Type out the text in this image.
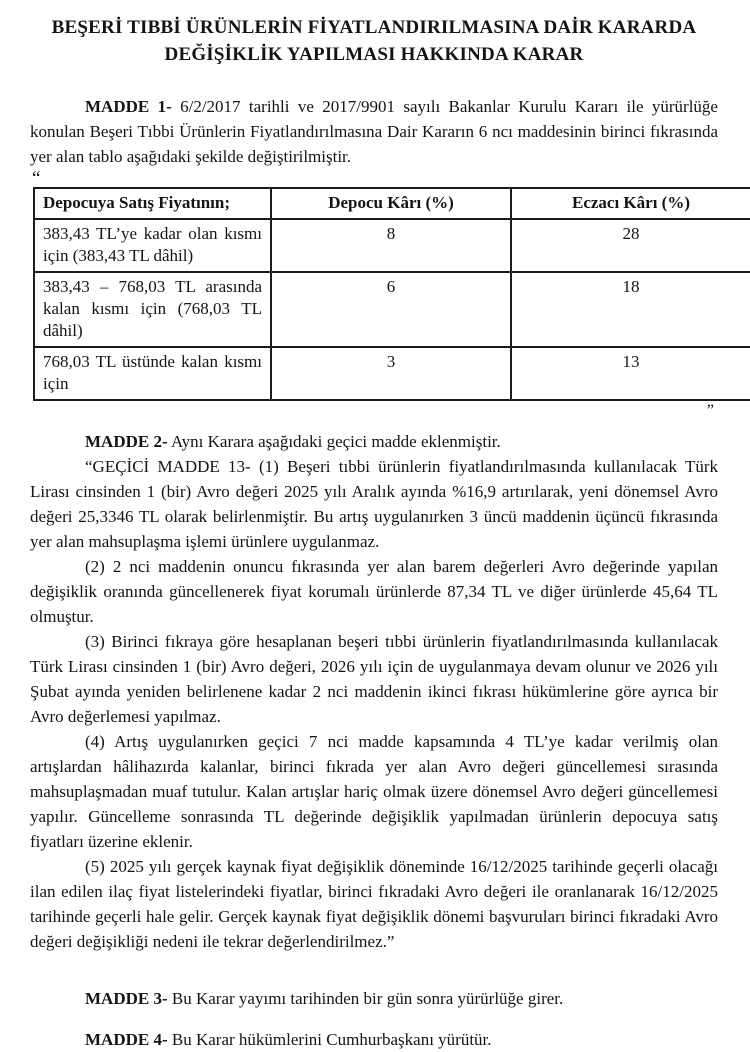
BEŞERİ TIBBİ ÜRÜNLERİN FİYATLANDIRILMASINA DAİR KARARDA
DEĞİŞİKLİK YAPILMASI HAKKINDA KARAR

MADDE 1- 6/2/2017 tarihli ve 2017/9901 sayılı Bakanlar Kurulu Kararı ile yürürlüğe konulan Beşeri Tıbbi Ürünlerin Fiyatlandırılmasına Dair Kararın 6 ncı maddesinin birinci fıkrasında yer alan tablo aşağıdaki şekilde değiştirilmiştir.

“
Depocuya Satış Fiyatının;	Depocu Kârı (%)	Eczacı Kârı (%)
383,43 TL’ye kadar olan kısmı için (383,43 TL dâhil)	8	28
383,43 – 768,03 TL arasında kalan kısmı için (768,03 TL dâhil)	6	18
768,03 TL üstünde kalan kısmı için	3	13
”

MADDE 2- Aynı Karara aşağıdaki geçici madde eklenmiştir.

“GEÇİCİ MADDE 13- (1) Beşeri tıbbi ürünlerin fiyatlandırılmasında kullanılacak Türk Lirası cinsinden 1 (bir) Avro değeri 2025 yılı Aralık ayında %16,9 artırılarak, yeni dönemsel Avro değeri 25,3346 TL olarak belirlenmiştir. Bu artış uygulanırken 3 üncü maddenin üçüncü fıkrasında yer alan mahsuplaşma işlemi ürünlere uygulanmaz.

(2) 2 nci maddenin onuncu fıkrasında yer alan barem değerleri Avro değerinde yapılan değişiklik oranında güncellenerek fiyat korumalı ürünlerde 87,34 TL ve diğer ürünlerde 45,64 TL olmuştur.

(3) Birinci fıkraya göre hesaplanan beşeri tıbbi ürünlerin fiyatlandırılmasında kullanılacak Türk Lirası cinsinden 1 (bir) Avro değeri, 2026 yılı için de uygulanmaya devam olunur ve 2026 yılı Şubat ayında yeniden belirlenene kadar 2 nci maddenin ikinci fıkrası hükümlerine göre ayrıca bir Avro değerlemesi yapılmaz.

(4) Artış uygulanırken geçici 7 nci madde kapsamında 4 TL’ye kadar verilmiş olan artışlardan hâlihazırda kalanlar, birinci fıkrada yer alan Avro değeri güncellemesi sırasında mahsuplaşmadan muaf tutulur. Kalan artışlar hariç olmak üzere dönemsel Avro değeri güncellemesi yapılır. Güncelleme sonrasında TL değerinde değişiklik yapılmadan ürünlerin depocuya satış fiyatları üzerine eklenir.

(5) 2025 yılı gerçek kaynak fiyat değişiklik döneminde 16/12/2025 tarihinde geçerli olacağı ilan edilen ilaç fiyat listelerindeki fiyatlar, birinci fıkradaki Avro değeri ile oranlanarak 16/12/2025 tarihinde geçerli hale gelir. Gerçek kaynak fiyat değişiklik dönemi başvuruları birinci fıkradaki Avro değeri değişikliği nedeni ile tekrar değerlendirilmez.”

MADDE 3- Bu Karar yayımı tarihinden bir gün sonra yürürlüğe girer.

MADDE 4- Bu Karar hükümlerini Cumhurbaşkanı yürütür.
